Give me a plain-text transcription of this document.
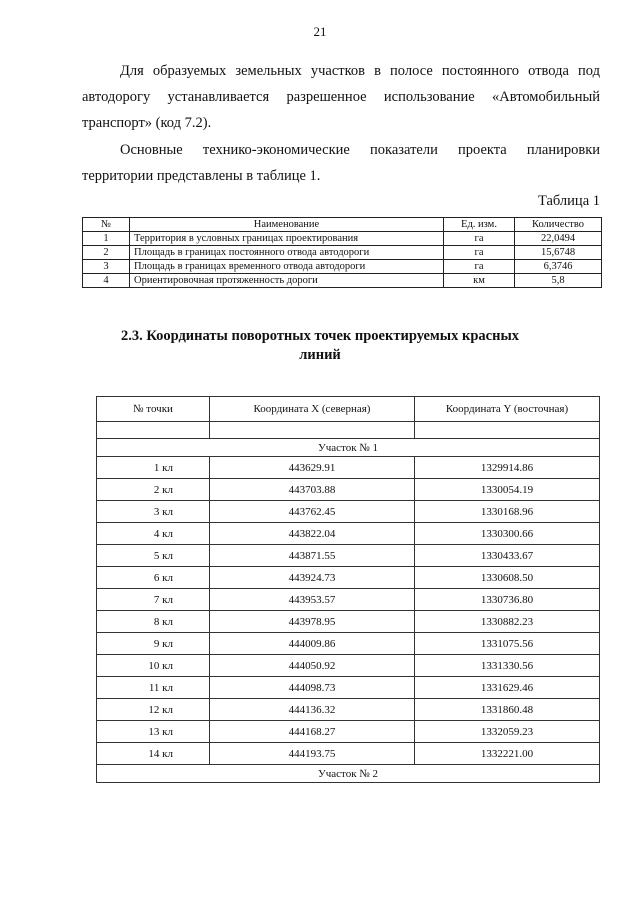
21

Для образуемых земельных участков в полосе постоянного отвода под автодорогу устанавливается разрешенное использование «Автомобильный транспорт» (код 7.2).

Основные технико-экономические показатели проекта планировки территории представлены в таблице 1.

Таблица 1
№	Наименование	Ед. изм.	Количество
1	Территория в условных границах проектирования	га	22,0494
2	Площадь в границах постоянного отвода автодороги	га	15,6748
3	Площадь в границах временного отвода автодороги	га	6,3746
4	Ориентировочная протяженность дороги	км	5,8
2.3. Координаты поворотных точек проектируемых красных линий
№ точки	Координата X (северная)	Координата Y (восточная)

Участок № 1		
1 кл	443629.91	1329914.86
2 кл	443703.88	1330054.19
3 кл	443762.45	1330168.96
4 кл	443822.04	1330300.66
5 кл	443871.55	1330433.67
6 кл	443924.73	1330608.50
7 кл	443953.57	1330736.80
8 кл	443978.95	1330882.23
9 кл	444009.86	1331075.56
10 кл	444050.92	1331330.56
11 кл	444098.73	1331629.46
12 кл	444136.32	1331860.48
13 кл	444168.27	1332059.23
14 кл	444193.75	1332221.00
Участок № 2		
